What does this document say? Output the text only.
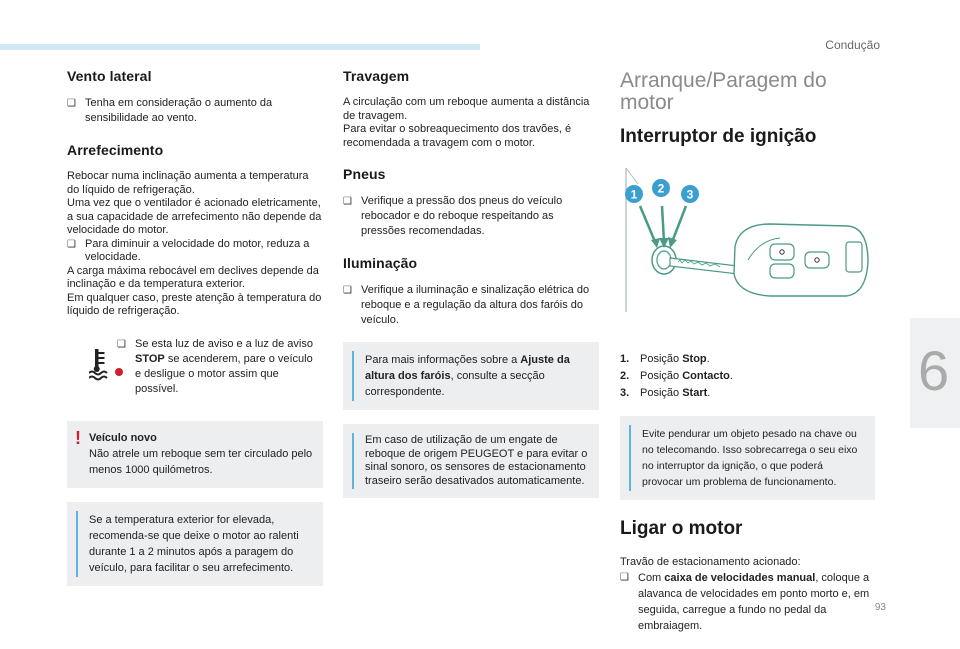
Condução
6
93
Vento lateral
❑ Tenha em consideração o aumento da sensibilidade ao vento.
Arrefecimento

Rebocar numa inclinação aumenta a temperatura do líquido de refrigeração.

Uma vez que o ventilador é acionado eletricamente, a sua capacidade de arrefecimento não depende da velocidade do motor.

❑ Para diminuir a velocidade do motor, reduza a velocidade.

A carga máxima rebocável em declives depende da inclinação e da temperatura exterior.

Em qualquer caso, preste atenção à temperatura do líquido de refrigeração.

❑ Se esta luz de aviso e a luz de aviso STOP se acenderem, pare o veículo e desligue o motor assim que possível.
! Veículo novo
Não atrele um reboque sem ter circulado pelo menos 1000 quilómetros.
Se a temperatura exterior for elevada, recomenda-se que deixe o motor ao ralenti durante 1 a 2 minutos após a paragem do veículo, para facilitar o seu arrefecimento.
Travagem

A circulação com um reboque aumenta a distância de travagem.

Para evitar o sobreaquecimento dos travões, é recomendada a travagem com o motor.

Pneus
❑ Verifique a pressão dos pneus do veículo rebocador e do reboque respeitando as pressões recomendadas.
Iluminação
❑ Verifique a iluminação e sinalização elétrica do reboque e a regulação da altura dos faróis do veículo.
Para mais informações sobre a Ajuste da altura dos faróis, consulte a secção correspondente.
Em caso de utilização de um engate de reboque de origem PEUGEOT e para evitar o sinal sonoro, os sensores de estacionamento traseiro serão desativados automaticamente.
Arranque/Paragem do motor
Interruptor de ignição
1 2 3
1. Posição Stop.
2. Posição Contacto.
3. Posição Start.
Evite pendurar um objeto pesado na chave ou no telecomando. Isso sobrecarrega o seu eixo no interruptor da ignição, o que poderá provocar um problema de funcionamento.
Ligar o motor

Travão de estacionamento acionado:

❑ Com caixa de velocidades manual, coloque a alavanca de velocidades em ponto morto e, em seguida, carregue a fundo no pedal da embraiagem.
